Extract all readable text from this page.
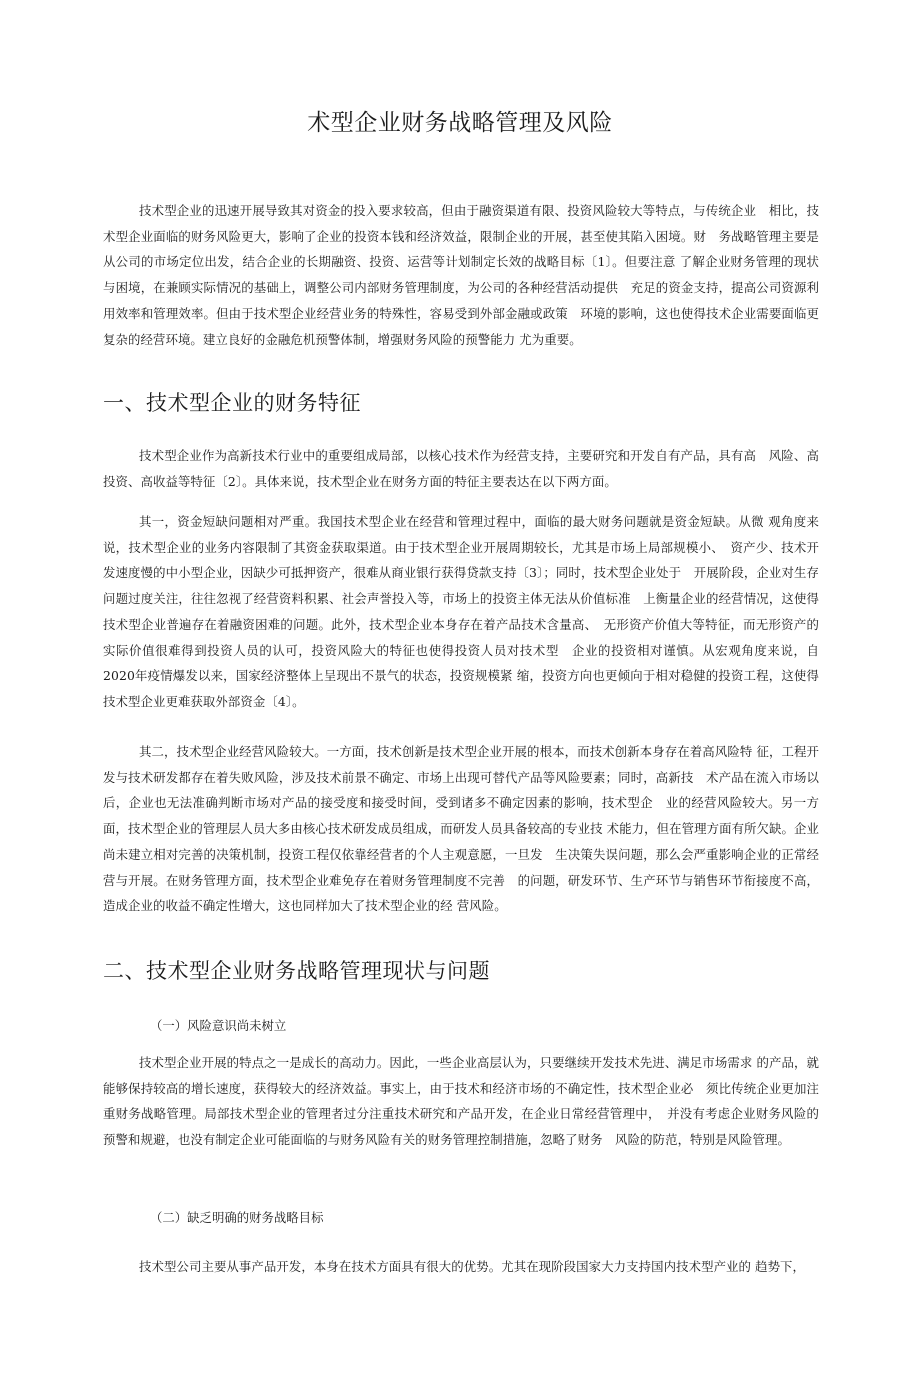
术型企业财务战略管理及风险

技术型企业的迅速开展导致其对资金的投入要求较高，但由于融资渠道有限、投资风险较大等特点，与传统企业　相比，技术型企业面临的财务风险更大，影响了企业的投资本钱和经济效益，限制企业的开展，甚至使其陷入困境。财　务战略管理主要是从公司的市场定位出发，结合企业的长期融资、投资、运营等计划制定长效的战略目标〔1〕。但要注意 了解企业财务管理的现状与困境，在兼顾实际情况的基础上，调整公司内部财务管理制度，为公司的各种经营活动提供　充足的资金支持，提高公司资源利用效率和管理效率。但由于技术型企业经营业务的特殊性，容易受到外部金融或政策　环境的影响，这也使得技术企业需要面临更复杂的经营环境。建立良好的金融危机预警体制，增强财务风险的预警能力 尤为重要。

一、技术型企业的财务特征

技术型企业作为高新技术行业中的重要组成局部，以核心技术作为经营支持，主要研究和开发自有产品，具有高　风险、高投资、高收益等特征〔2〕。具体来说，技术型企业在财务方面的特征主要表达在以下两方面。

其一，资金短缺问题相对严重。我国技术型企业在经营和管理过程中，面临的最大财务问题就是资金短缺。从微 观角度来说，技术型企业的业务内容限制了其资金获取渠道。由于技术型企业开展周期较长，尤其是市场上局部规模小、　资产少、技术开发速度慢的中小型企业，因缺少可抵押资产，很难从商业银行获得贷款支持〔3〕；同时，技术型企业处于　开展阶段，企业对生存问题过度关注，往往忽视了经营资料积累、社会声誉投入等，市场上的投资主体无法从价值标准　上衡量企业的经营情况，这使得技术型企业普遍存在着融资困难的问题。此外，技术型企业本身存在着产品技术含量高、　无形资产价值大等特征，而无形资产的实际价值很难得到投资人员的认可，投资风险大的特征也使得投资人员对技术型　企业的投资相对谨慎。从宏观角度来说，自2020年疫情爆发以来，国家经济整体上呈现出不景气的状态，投资规模紧 缩，投资方向也更倾向于相对稳健的投资工程，这使得技术型企业更难获取外部资金〔4〕。

其二，技术型企业经营风险较大。一方面，技术创新是技术型企业开展的根本，而技术创新本身存在着高风险特 征，工程开发与技术研发都存在着失败风险，涉及技术前景不确定、市场上出现可替代产品等风险要素；同时，高新技　术产品在流入市场以后，企业也无法准确判断市场对产品的接受度和接受时间，受到诸多不确定因素的影响，技术型企　业的经营风险较大。另一方面，技术型企业的管理层人员大多由核心技术研发成员组成，而研发人员具备较高的专业技 术能力，但在管理方面有所欠缺。企业尚未建立相对完善的决策机制，投资工程仅依靠经营者的个人主观意愿，一旦发　生决策失误问题，那么会严重影响企业的正常经营与开展。在财务管理方面，技术型企业难免存在着财务管理制度不完善　的问题，研发环节、生产环节与销售环节衔接度不高，造成企业的收益不确定性增大，这也同样加大了技术型企业的经 营风险。

二、技术型企业财务战略管理现状与问题

（一）风险意识尚未树立

技术型企业开展的特点之一是成长的高动力。因此，一些企业高层认为，只要继续开发技术先进、满足市场需求 的产品，就能够保持较高的增长速度，获得较大的经济效益。事实上，由于技术和经济市场的不确定性，技术型企业必　须比传统企业更加注重财务战略管理。局部技术型企业的管理者过分注重技术研究和产品开发，在企业日常经营管理中，　并没有考虑企业财务风险的预警和规避，也没有制定企业可能面临的与财务风险有关的财务管理控制措施，忽略了财务　风险的防范，特别是风险管理。

（二）缺乏明确的财务战略目标

技术型公司主要从事产品开发，本身在技术方面具有很大的优势。尤其在现阶段国家大力支持国内技术型产业的 趋势下，
